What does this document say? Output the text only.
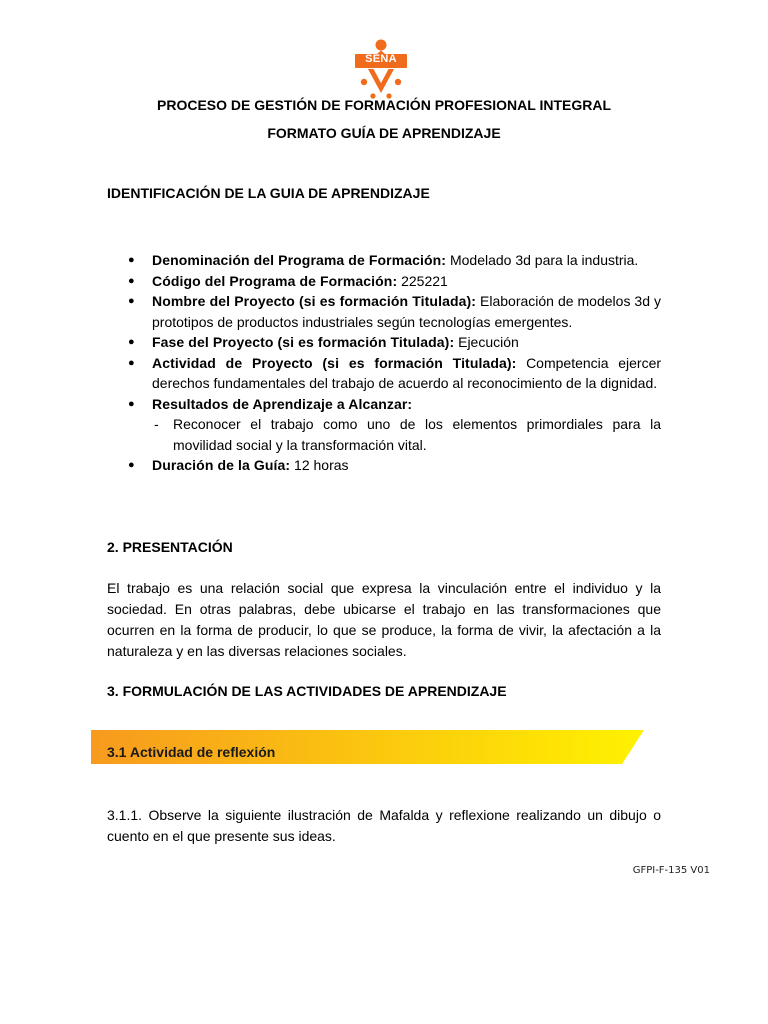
SENA
PROCESO DE GESTIÓN DE FORMACIÓN PROFESIONAL INTEGRAL
FORMATO GUÍA DE APRENDIZAJE
IDENTIFICACIÓN DE LA GUIA DE APRENDIZAJE
● Denominación del Programa de Formación: Modelado 3d para la industria.
● Código del Programa de Formación: 225221
● Nombre del Proyecto (si es formación Titulada): Elaboración de modelos 3d y prototipos de productos industriales según tecnologías emergentes.
● Fase del Proyecto (si es formación Titulada): Ejecución
● Actividad de Proyecto (si es formación Titulada): Competencia ejercer derechos fundamentales del trabajo de acuerdo al reconocimiento de la dignidad.
● Resultados de Aprendizaje a Alcanzar:
- Reconocer el trabajo como uno de los elementos primordiales para la movilidad social y la transformación vital.
● Duración de la Guía: 12 horas
2. PRESENTACIÓN
El trabajo es una relación social que expresa la vinculación entre el individuo y la sociedad. En otras palabras, debe ubicarse el trabajo en las transformaciones que ocurren en la forma de producir, lo que se produce, la forma de vivir, la afectación a la naturaleza y en las diversas relaciones sociales.
3. FORMULACIÓN DE LAS ACTIVIDADES DE APRENDIZAJE
3.1 Actividad de reflexión
3.1.1. Observe la siguiente ilustración de Mafalda y reflexione realizando un dibujo o cuento en el que presente sus ideas.
GFPI-F-135 V01
